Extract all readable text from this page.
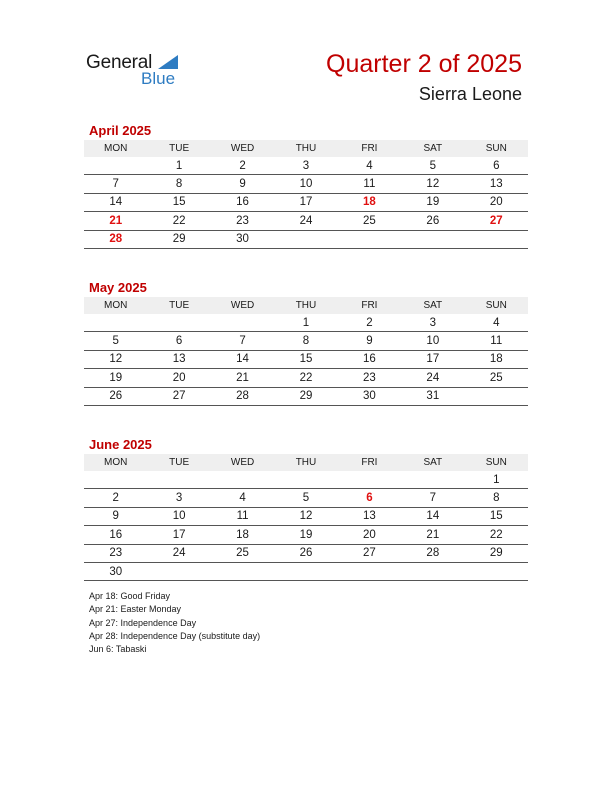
General
Blue
Quarter 2 of 2025
Sierra Leone
April 2025
MON	TUE	WED	THU	FRI	SAT	SUN
	1	2	3	4	5	6
7	8	9	10	11	12	13
14	15	16	17	18	19	20
21	22	23	24	25	26	27
28	29	30				
May 2025
MON	TUE	WED	THU	FRI	SAT	SUN
			1	2	3	4
5	6	7	8	9	10	11
12	13	14	15	16	17	18
19	20	21	22	23	24	25
26	27	28	29	30	31	
June 2025
MON	TUE	WED	THU	FRI	SAT	SUN
						1
2	3	4	5	6	7	8
9	10	11	12	13	14	15
16	17	18	19	20	21	22
23	24	25	26	27	28	29
30						
Apr 18: Good Friday
Apr 21: Easter Monday
Apr 27: Independence Day
Apr 28: Independence Day (substitute day)
Jun 6: Tabaski
